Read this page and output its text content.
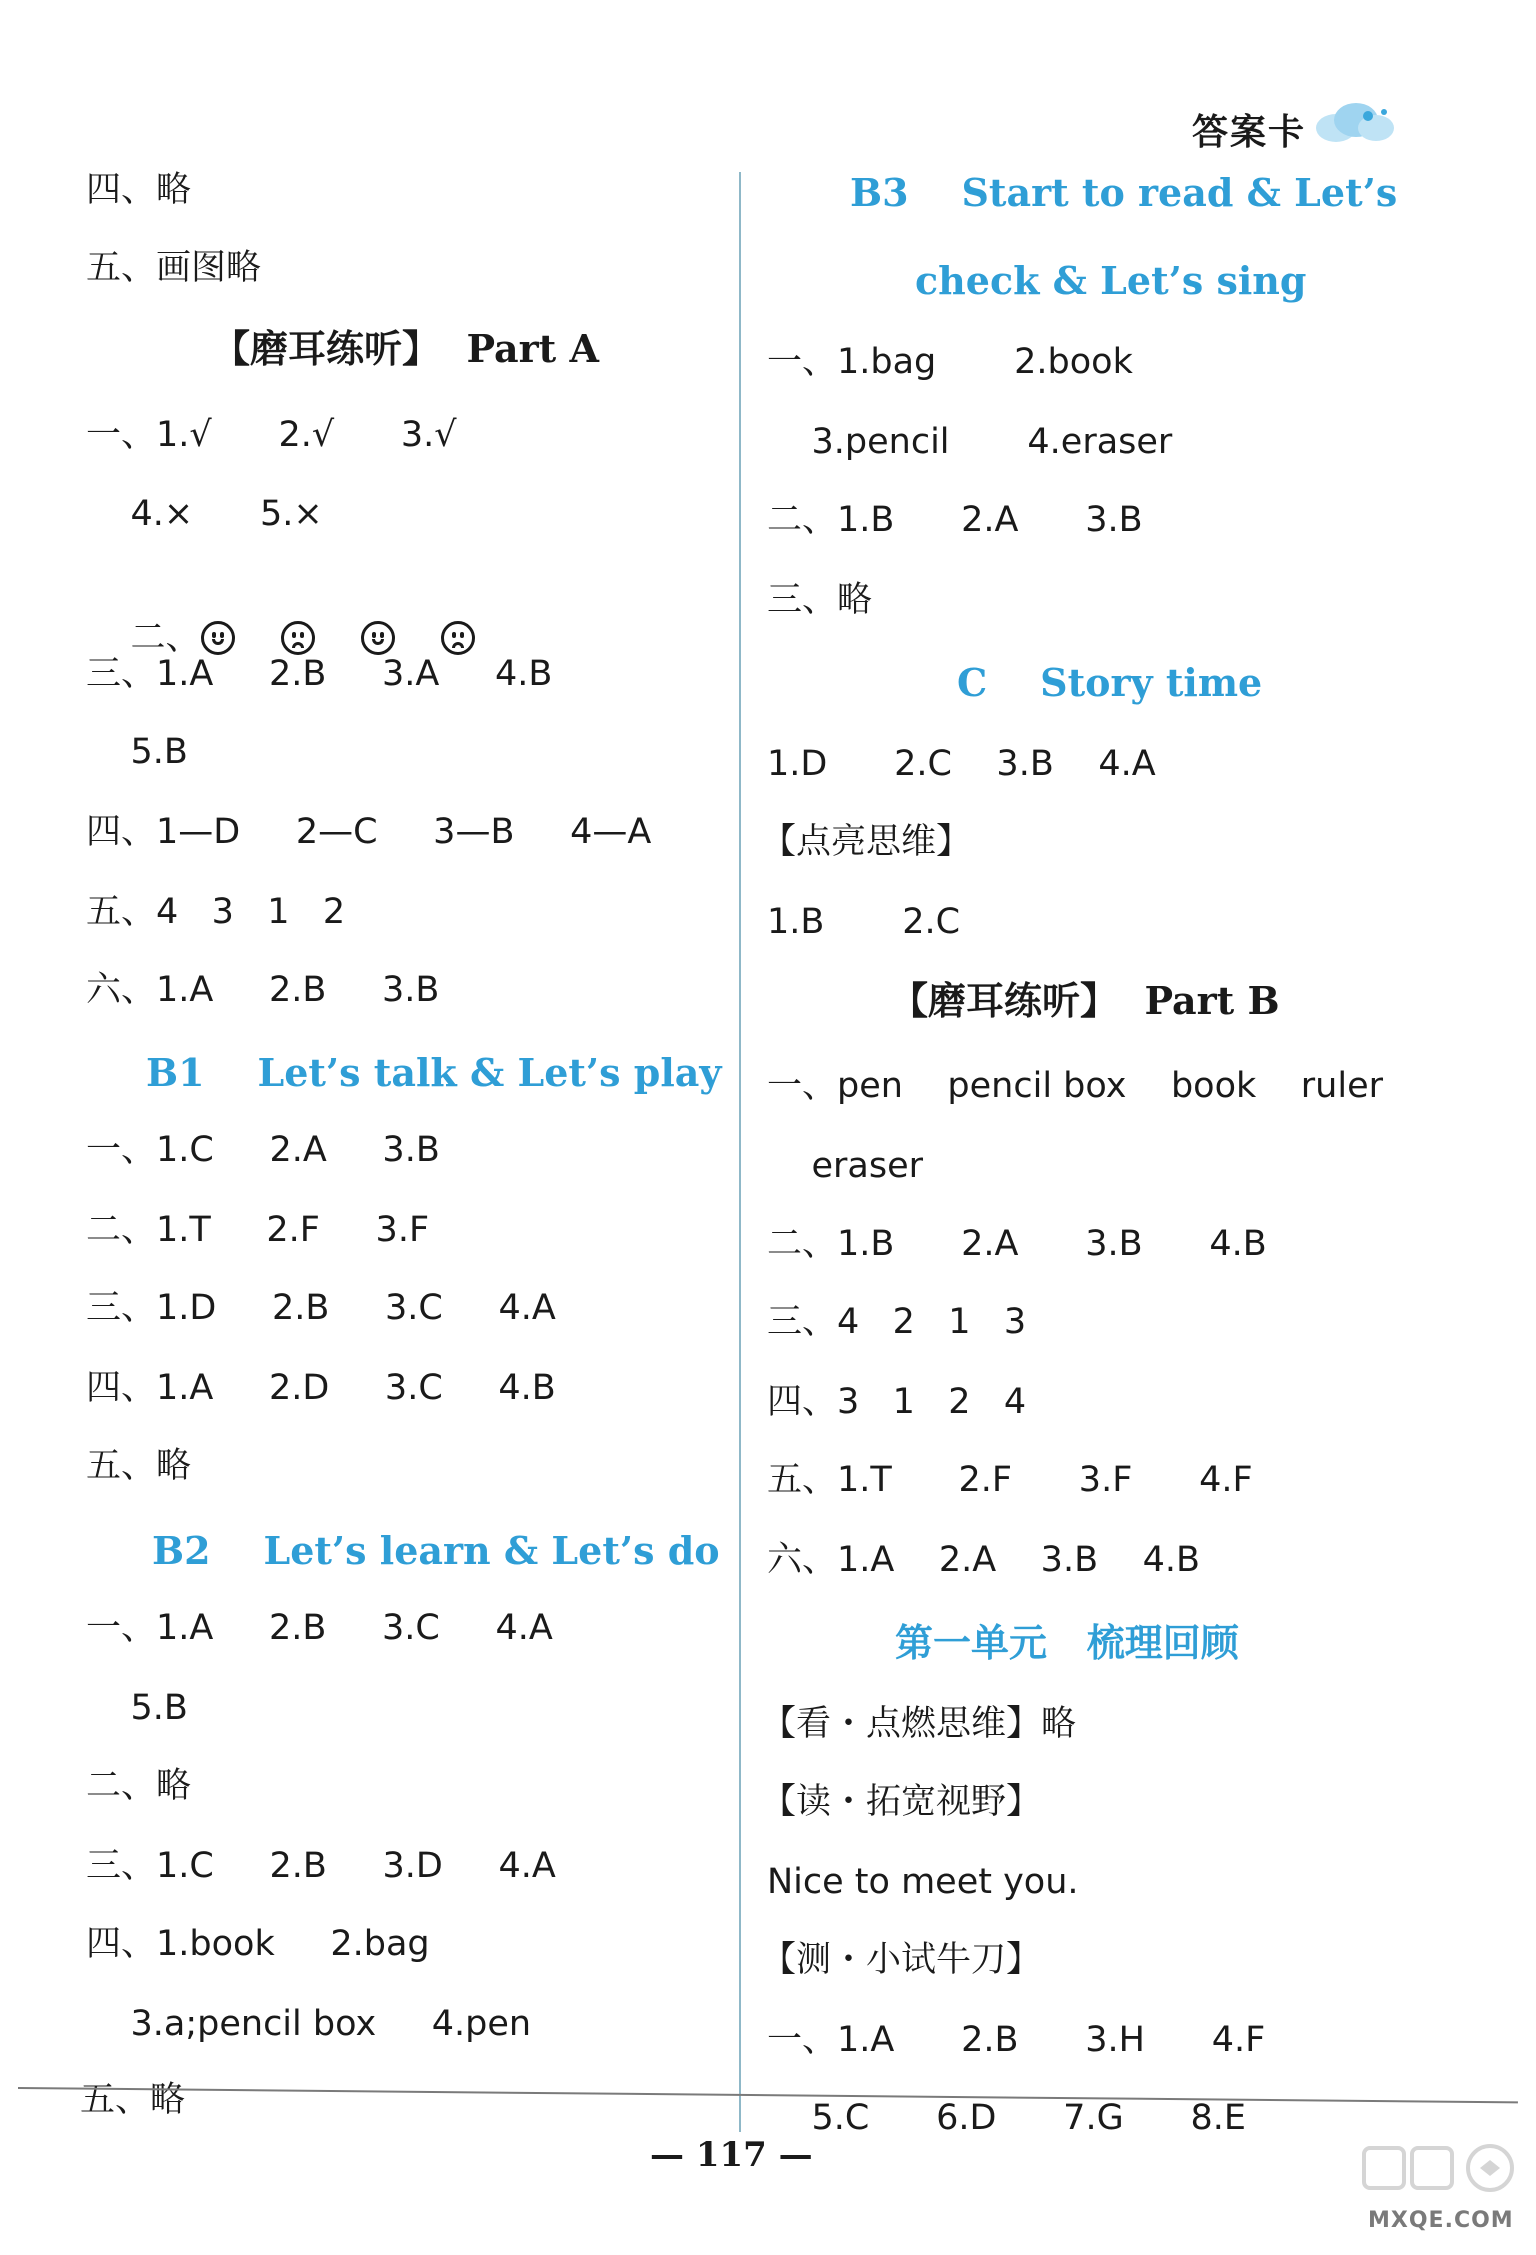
答案卡
四、略
五、画图略
【磨耳练听】  Part A
一、1.√      2.√      3.√
4.×      5.×

二、

三、1.A     2.B     3.A     4.B
5.B
四、1—D     2—C     3—B     4—A
五、4   3   1   2
六、1.A     2.B     3.B
B1    Let’s talk & Let’s play
一、1.C     2.A     3.B
二、1.T     2.F     3.F
三、1.D     2.B     3.C     4.A
四、1.A     2.D     3.C     4.B
五、略
B2    Let’s learn & Let’s do
一、1.A     2.B     3.C     4.A
5.B
二、略
三、1.C     2.B     3.D     4.A
四、1.book     2.bag
3.a;pencil box     4.pen
五、略
B3    Start to read & Let’s
check & Let’s sing
一、1.bag       2.book
3.pencil       4.eraser
二、1.B      2.A      3.B
三、略
C    Story time
1.D      2.C    3.B    4.A
【点亮思维】
1.B       2.C
【磨耳练听】  Part B
一、pen    pencil box    book    ruler
eraser
二、1.B      2.A      3.B      4.B
三、4   2   1   3
四、3   1   2   4
五、1.T      2.F      3.F      4.F
六、1.A    2.A    3.B    4.B
第一单元   梳理回顾
【看・点燃思维】略
【读・拓宽视野】
Nice to meet you.
【测・小试牛刀】
一、1.A      2.B      3.H      4.F
5.C      6.D      7.G      8.E
— 117 —
MXQE.COM
